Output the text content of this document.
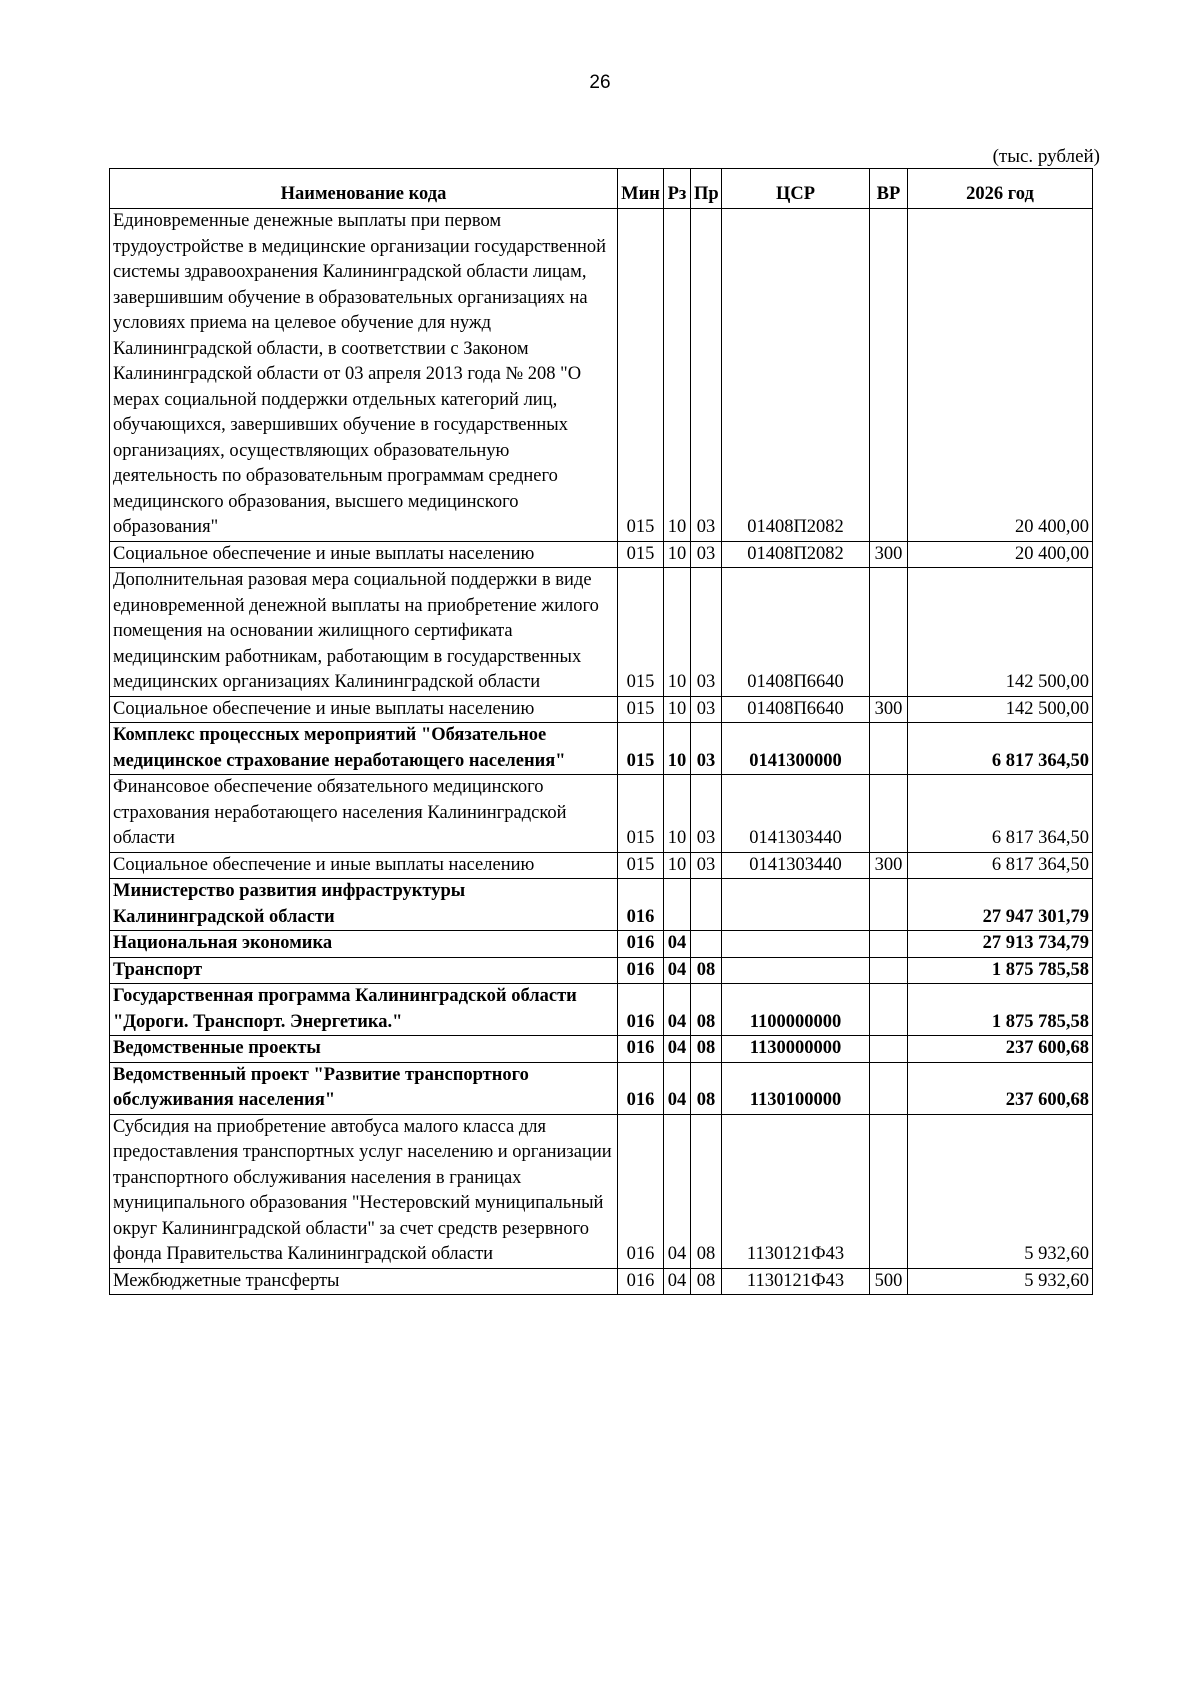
26
(тыс. рублей)
Наименование кода	Мин	Рз	Пр	ЦСР	ВР	2026 год
Единовременные денежные выплаты при первом трудоустройстве в медицинские организации государственной системы здравоохранения Калининградской области лицам, завершившим обучение в образовательных организациях на условиях приема на целевое обучение для нужд Калининградской области, в соответствии с Законом Калининградской области от 03 апреля 2013 года № 208 "О мерах социальной поддержки отдельных категорий лиц, обучающихся, завершивших обучение в государственных организациях, осуществляющих образовательную деятельность по образовательным программам среднего медицинского образования, высшего медицинского образования"	015	10	03	01408П2082		20 400,00
Социальное обеспечение и иные выплаты населению	015	10	03	01408П2082	300	20 400,00
Дополнительная разовая мера социальной поддержки в виде единовременной денежной выплаты на приобретение жилого помещения на основании жилищного сертификата медицинским работникам, работающим в государственных медицинских организациях Калининградской области	015	10	03	01408П6640		142 500,00
Социальное обеспечение и иные выплаты населению	015	10	03	01408П6640	300	142 500,00
Комплекс процессных мероприятий "Обязательное медицинское страхование неработающего населения"	015	10	03	0141300000		6 817 364,50
Финансовое обеспечение обязательного медицинского страхования неработающего населения Калининградской области	015	10	03	0141303440		6 817 364,50
Социальное обеспечение и иные выплаты населению	015	10	03	0141303440	300	6 817 364,50
Министерство развития инфраструктуры Калининградской области	016					27 947 301,79
Национальная экономика	016	04				27 913 734,79
Транспорт	016	04	08			1 875 785,58
Государственная программа Калининградской области "Дороги. Транспорт. Энергетика."	016	04	08	1100000000		1 875 785,58
Ведомственные проекты	016	04	08	1130000000		237 600,68
Ведомственный проект "Развитие транспортного обслуживания населения"	016	04	08	1130100000		237 600,68
Субсидия на приобретение автобуса малого класса для предоставления транспортных услуг населению и организации транспортного обслуживания населения в границах муниципального образования "Нестеровский муниципальный округ Калининградской области" за счет средств резервного фонда Правительства Калининградской области	016	04	08	1130121Ф43		5 932,60
Межбюджетные трансферты	016	04	08	1130121Ф43	500	5 932,60
